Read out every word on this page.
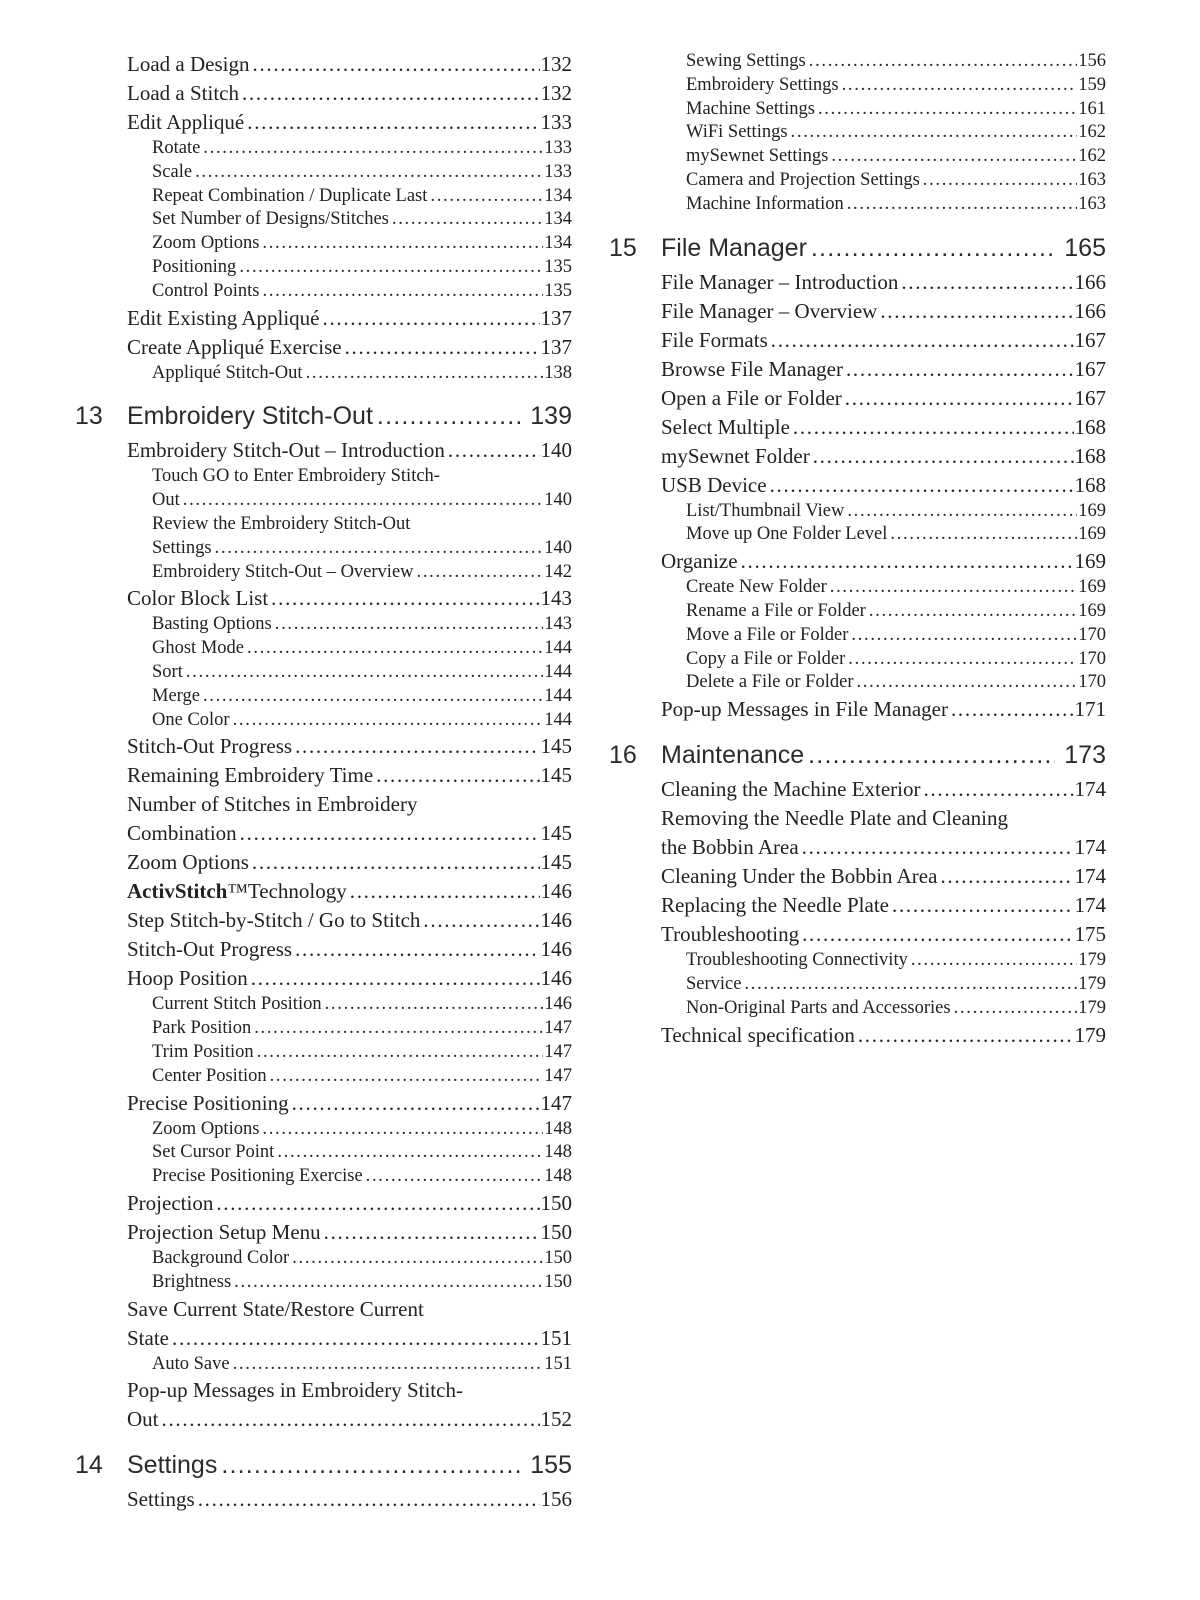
Load a Design .....	132
Load a Stitch .....	132
Edit Appliqué .....	133
Rotate .....	133
Scale .....	133
Repeat Combination / Duplicate Last .....	134
Set Number of Designs/Stitches .....	134
Zoom Options .....	134
Positioning .....	135
Control Points .....	135
Edit Existing Appliqué .....	137
Create Appliqué Exercise .....	137
Appliqué Stitch-Out .....	138
13 Embroidery Stitch-Out .....	139
Embroidery Stitch-Out – Introduction .....	140
Touch GO to Enter Embroidery Stitch-
Out .....	140
Review the Embroidery Stitch-Out
Settings .....	140
Embroidery Stitch-Out – Overview .....	142
Color Block List .....	143
Basting Options .....	143
Ghost Mode .....	144
Sort .....	144
Merge .....	144
One Color .....	144
Stitch-Out Progress .....	145
Remaining Embroidery Time .....	145
Number of Stitches in Embroidery
Combination .....	145
Zoom Options .....	145
ActivStitch™Technology .....	146
Step Stitch-by-Stitch / Go to Stitch .....	146
Stitch-Out Progress .....	146
Hoop Position .....	146
Current Stitch Position .....	146
Park Position .....	147
Trim Position .....	147
Center Position .....	147
Precise Positioning .....	147
Zoom Options .....	148
Set Cursor Point .....	148
Precise Positioning Exercise .....	148
Projection .....	150
Projection Setup Menu .....	150
Background Color .....	150
Brightness .....	150
Save Current State/Restore Current
State .....	151
Auto Save .....	151
Pop-up Messages in Embroidery Stitch-
Out .....	152
14 Settings .....	155
Settings .....	156
Sewing Settings .....	156
Embroidery Settings .....	159
Machine Settings .....	161
WiFi Settings .....	162
mySewnet Settings .....	162
Camera and Projection Settings .....	163
Machine Information .....	163
15 File Manager .....	165
File Manager – Introduction .....	166
File Manager – Overview .....	166
File Formats .....	167
Browse File Manager .....	167
Open a File or Folder .....	167
Select Multiple .....	168
mySewnet Folder .....	168
USB Device .....	168
List/Thumbnail View .....	169
Move up One Folder Level .....	169
Organize .....	169
Create New Folder .....	169
Rename a File or Folder .....	169
Move a File or Folder .....	170
Copy a File or Folder .....	170
Delete a File or Folder .....	170
Pop-up Messages in File Manager .....	171
16 Maintenance .....	173
Cleaning the Machine Exterior .....	174
Removing the Needle Plate and Cleaning
the Bobbin Area .....	174
Cleaning Under the Bobbin Area .....	174
Replacing the Needle Plate .....	174
Troubleshooting .....	175
Troubleshooting Connectivity .....	179
Service .....	179
Non-Original Parts and Accessories .....	179
Technical specification .....	179
